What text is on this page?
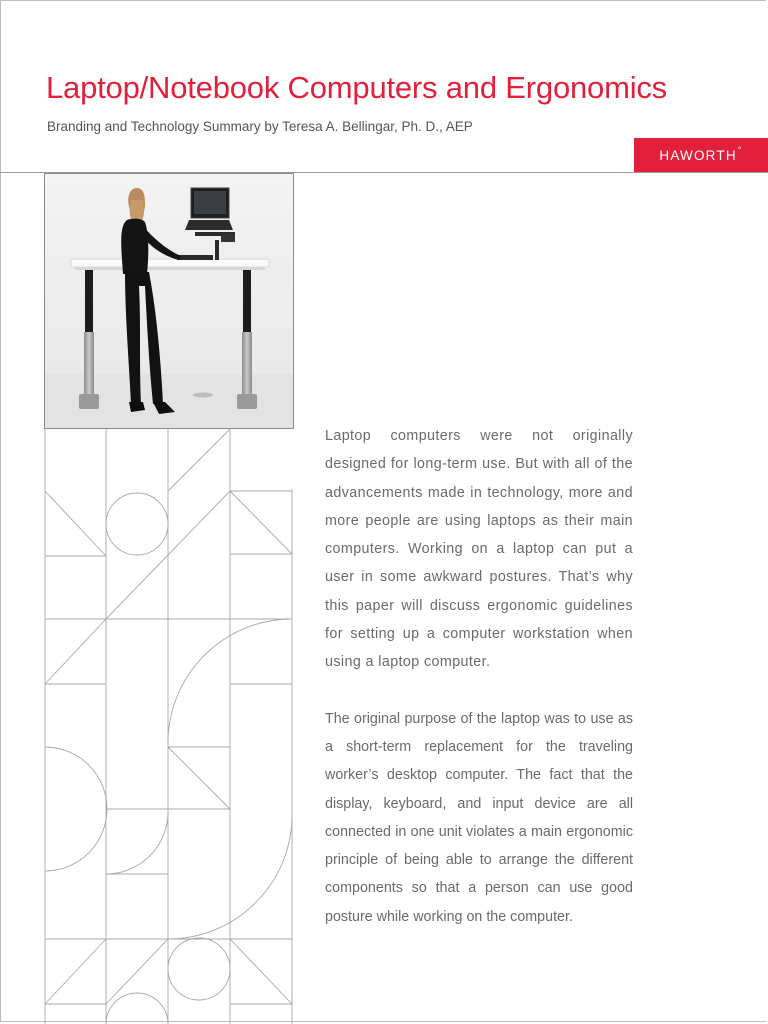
Laptop/Notebook Computers and Ergonomics

Branding and Technology Summary by Teresa A. Bellingar, Ph. D., AEP

HAWORTH °

Laptop computers were not originally designed for long-term use. But with all of the advancements made in technology, more and more people are using laptops as their main computers. Working on a laptop can put a user in some awkward postures. That’s why this paper will discuss ergonomic guidelines for setting up a computer workstation when using a laptop computer.

The original purpose of the laptop was to use as a short-term replacement for the traveling worker’s desktop computer. The fact that the display, keyboard, and input device are all connected in one unit violates a main ergonomic principle of being able to arrange the different components so that a person can use good posture while working on the computer.
